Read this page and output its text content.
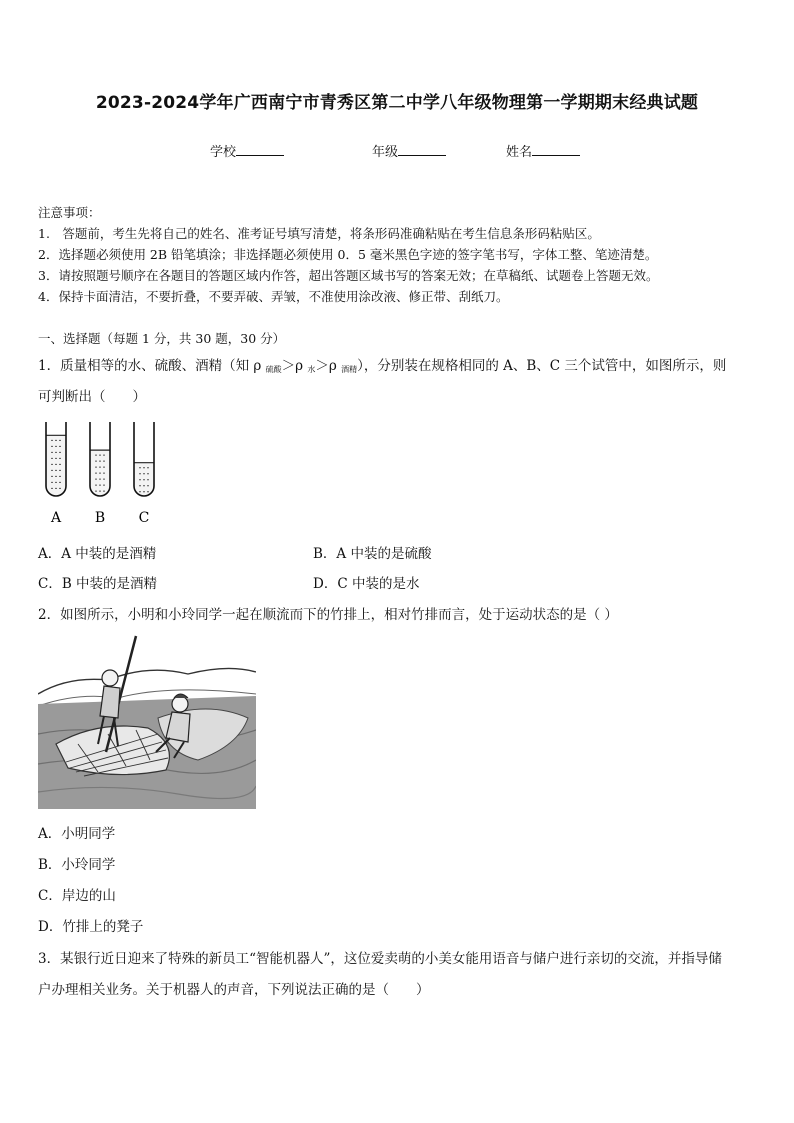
2023-2024学年广西南宁市青秀区第二中学八年级物理第一学期期末经典试题
学校	年级	姓名
注意事项：
1.　答题前，考生先将自己的姓名、准考证号填写清楚，将条形码准确粘贴在考生信息条形码粘贴区。
2．选择题必须使用 2B 铅笔填涂；非选择题必须使用 0．5 毫米黑色字迹的签字笔书写，字体工整、笔迹清楚。
3．请按照题号顺序在各题目的答题区域内作答，超出答题区域书写的答案无效；在草稿纸、试题卷上答题无效。
4．保持卡面清洁，不要折叠，不要弄破、弄皱，不准使用涂改液、修正带、刮纸刀。
一、选择题（每题 1 分，共 30 题，30 分）
1．质量相等的水、硫酸、酒精（知 ρ $_{硫酸}$＞ρ $_水$＞ρ $_{酒精}$），分别装在规格相同的 A、B、C 三个试管中，如图所示，则
可判断出（　　）
A B C
A．A 中装的是酒精	B．A 中装的是硫酸
C．B 中装的是酒精	D．C 中装的是水
2．如图所示，小明和小玲同学一起在顺流而下的竹排上，相对竹排而言，处于运动状态的是（ ）
A．小明同学
B．小玲同学
C．岸边的山
D．竹排上的凳子
3．某银行近日迎来了特殊的新员工“智能机器人”，这位爱卖萌的小美女能用语音与储户进行亲切的交流，并指导储
户办理相关业务。关于机器人的声音，下列说法正确的是（　　）
